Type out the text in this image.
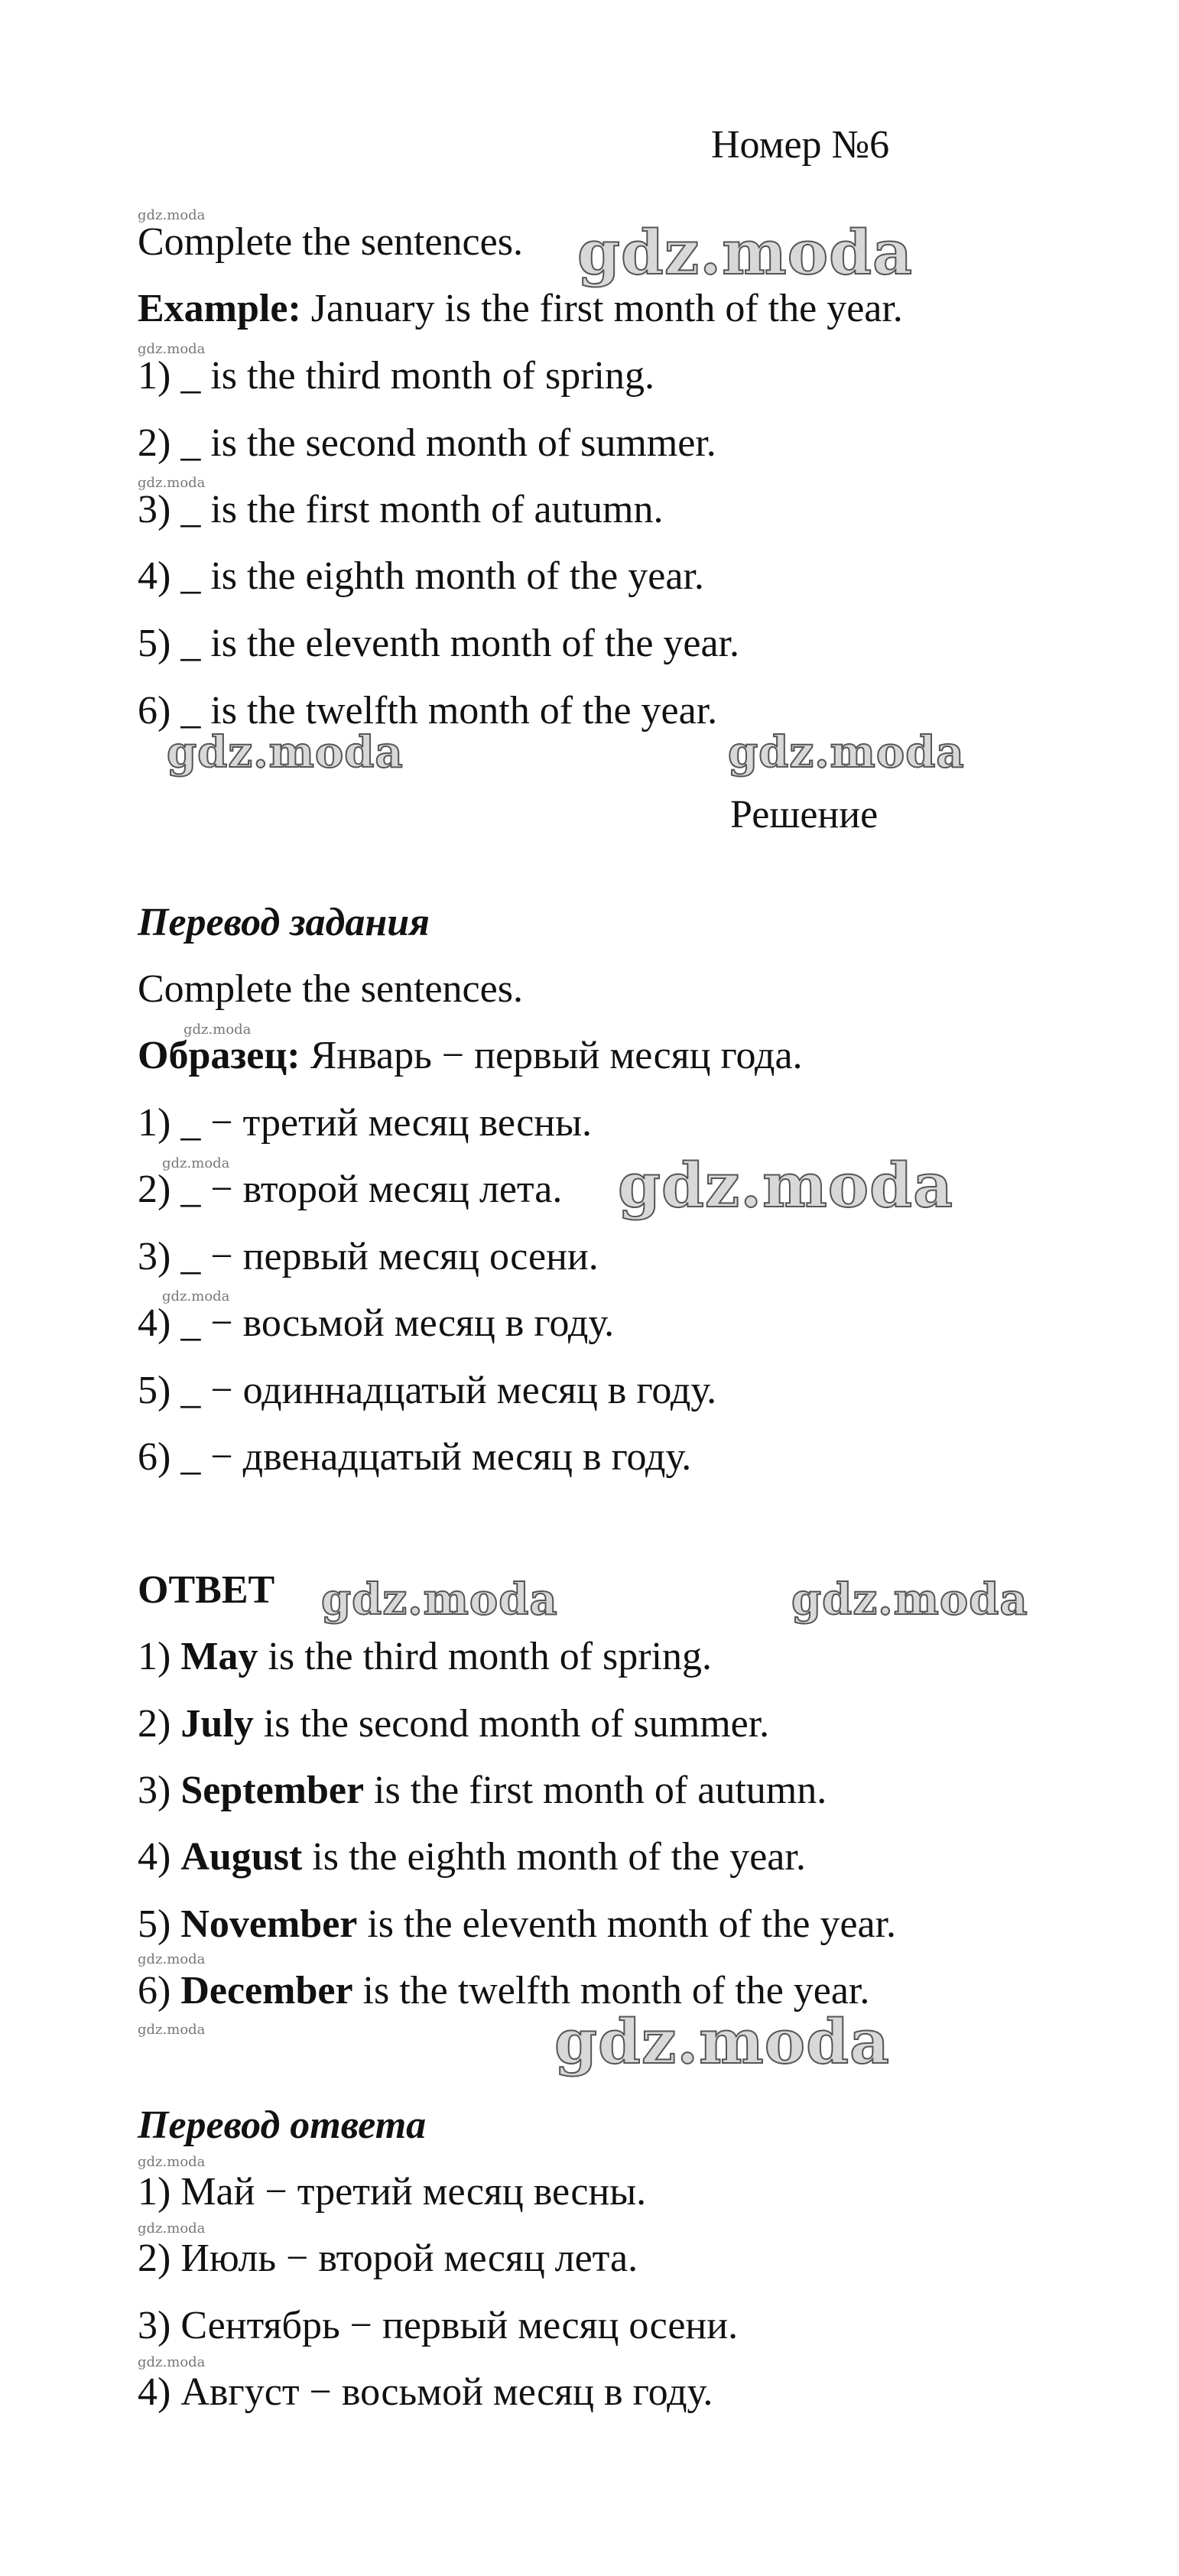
Номер №6
Complete the sentences.
Example: January is the first month of the year.
1) _ is the third month of spring.
2) _ is the second month of summer.
3) _ is the first month of autumn.
4) _ is the eighth month of the year.
5) _ is the eleventh month of the year.
6) _ is the twelfth month of the year.
Решение
Перевод задания
Complete the sentences.
Образец: Январь − первый месяц года.
1) _ − третий месяц весны.
2) _ − второй месяц лета.
3) _ − первый месяц осени.
4) _ − восьмой месяц в году.
5) _ − одиннадцатый месяц в году.
6) _ − двенадцатый месяц в году.
ОТВЕТ
1) May is the third month of spring.
2) July is the second month of summer.
3) September is the first month of autumn.
4) August is the eighth month of the year.
5) November is the eleventh month of the year.
6) December is the twelfth month of the year.
Перевод ответа
1) Май − третий месяц весны.
2) Июль − второй месяц лета.
3) Сентябрь − первый месяц осени.
4) Август − восьмой месяц в году.
gdz.moda
gdz.moda	gdz.moda
gdz.moda
gdz.moda	gdz.moda
gdz.moda
gdz.moda
gdz.moda
gdz.moda
gdz.moda
gdz.moda
gdz.moda
gdz.moda
gdz.moda
gdz.moda
gdz.moda
gdz.moda
